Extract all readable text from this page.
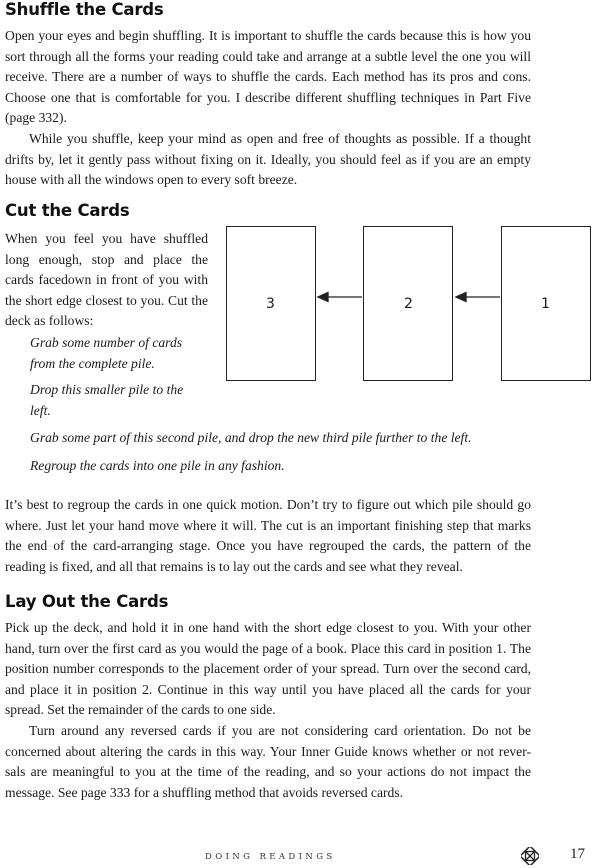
Shuffle the Cards

Open your eyes and begin shuffling. It is important to shuffle the cards because this is how you sort through all the forms your reading could take and arrange at a subtle level the one you will receive. There are a number of ways to shuffle the cards. Each method has its pros and cons. Choose one that is comfortable for you. I describe different shuffling techniques in Part Five (page 332).

While you shuffle, keep your mind as open and free of thoughts as possible. If a thought drifts by, let it gently pass without fixing on it. Ideally, you should feel as if you are an empty house with all the windows open to every soft breeze.

Cut the Cards

When you feel you have shuffled long enough, stop and place the cards facedown in front of you with the short edge closest to you. Cut the deck as follows:

Grab some number of cards from the complete pile.

Drop this smaller pile to the left.

Grab some part of this second pile, and drop the new third pile further to the left.

Regroup the cards into one pile in any fashion.

3	2	1

It’s best to regroup the cards in one quick motion. Don’t try to figure out which pile should go where. Just let your hand move where it will. The cut is an important finishing step that marks the end of the card-arranging stage. Once you have regrouped the cards, the pattern of the reading is fixed, and all that remains is to lay out the cards and see what they reveal.

Lay Out the Cards

Pick up the deck, and hold it in one hand with the short edge closest to you. With your other hand, turn over the first card as you would the page of a book. Place this card in position 1. The position number corresponds to the placement order of your spread. Turn over the second card, and place it in position 2. Continue in this way until you have placed all the cards for your spread. Set the remainder of the cards to one side.

Turn around any reversed cards if you are not considering card orientation. Do not be concerned about altering the cards in this way. Your Inner Guide knows whether or not rever-sals are meaningful to you at the time of the reading, and so your actions do not impact the message. See page 333 for a shuffling method that avoids reversed cards.

DOING READINGS	17
